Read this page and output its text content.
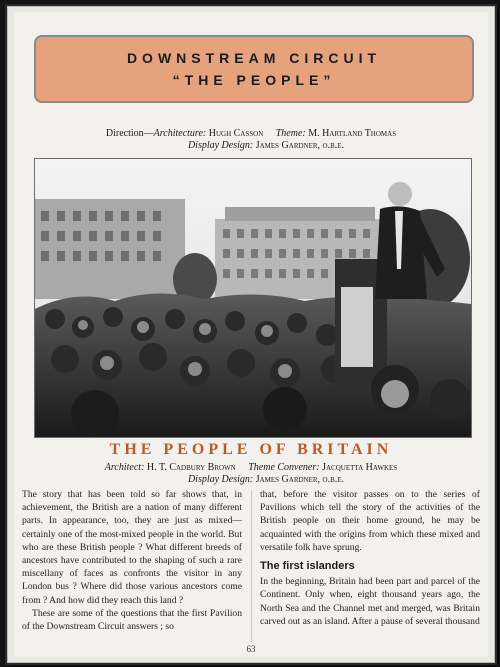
DOWNSTREAM CIRCUIT
“THE PEOPLE”
Direction—Architecture: Hugh Casson Theme: M. Hartland Thomas
Display Design: James Gardner, o.b.e.
THE PEOPLE OF BRITAIN
Architect: H. T. Cadbury Brown Theme Convener: Jacquetta Hawkes
Display Design: James Gardner, o.b.e.

The story that has been told so far shows that, in achievement, the British are a nation of many different parts. In appearance, too, they are just as mixed—certainly one of the most-mixed people in the world. But who are these British people ? What different breeds of ancestors have contributed to the shaping of such a rare miscellany of faces as confronts the visitor in any London bus ? Where did those various ancestors come from ? And how did they reach this land ?

These are some of the questions that the first Pavilion of the Downstream Circuit answers ; so

that, before the visitor passes on to the series of Pavilions which tell the story of the activities of the British people on their home ground, he may be acquainted with the origins from which these mixed and versatile folk have sprung.

The first islanders

In the beginning, Britain had been part and parcel of the Continent. Only when, eight thousand years ago, the North Sea and the Channel met and merged, was Britain carved out as an island. After a pause of several thousand

63
